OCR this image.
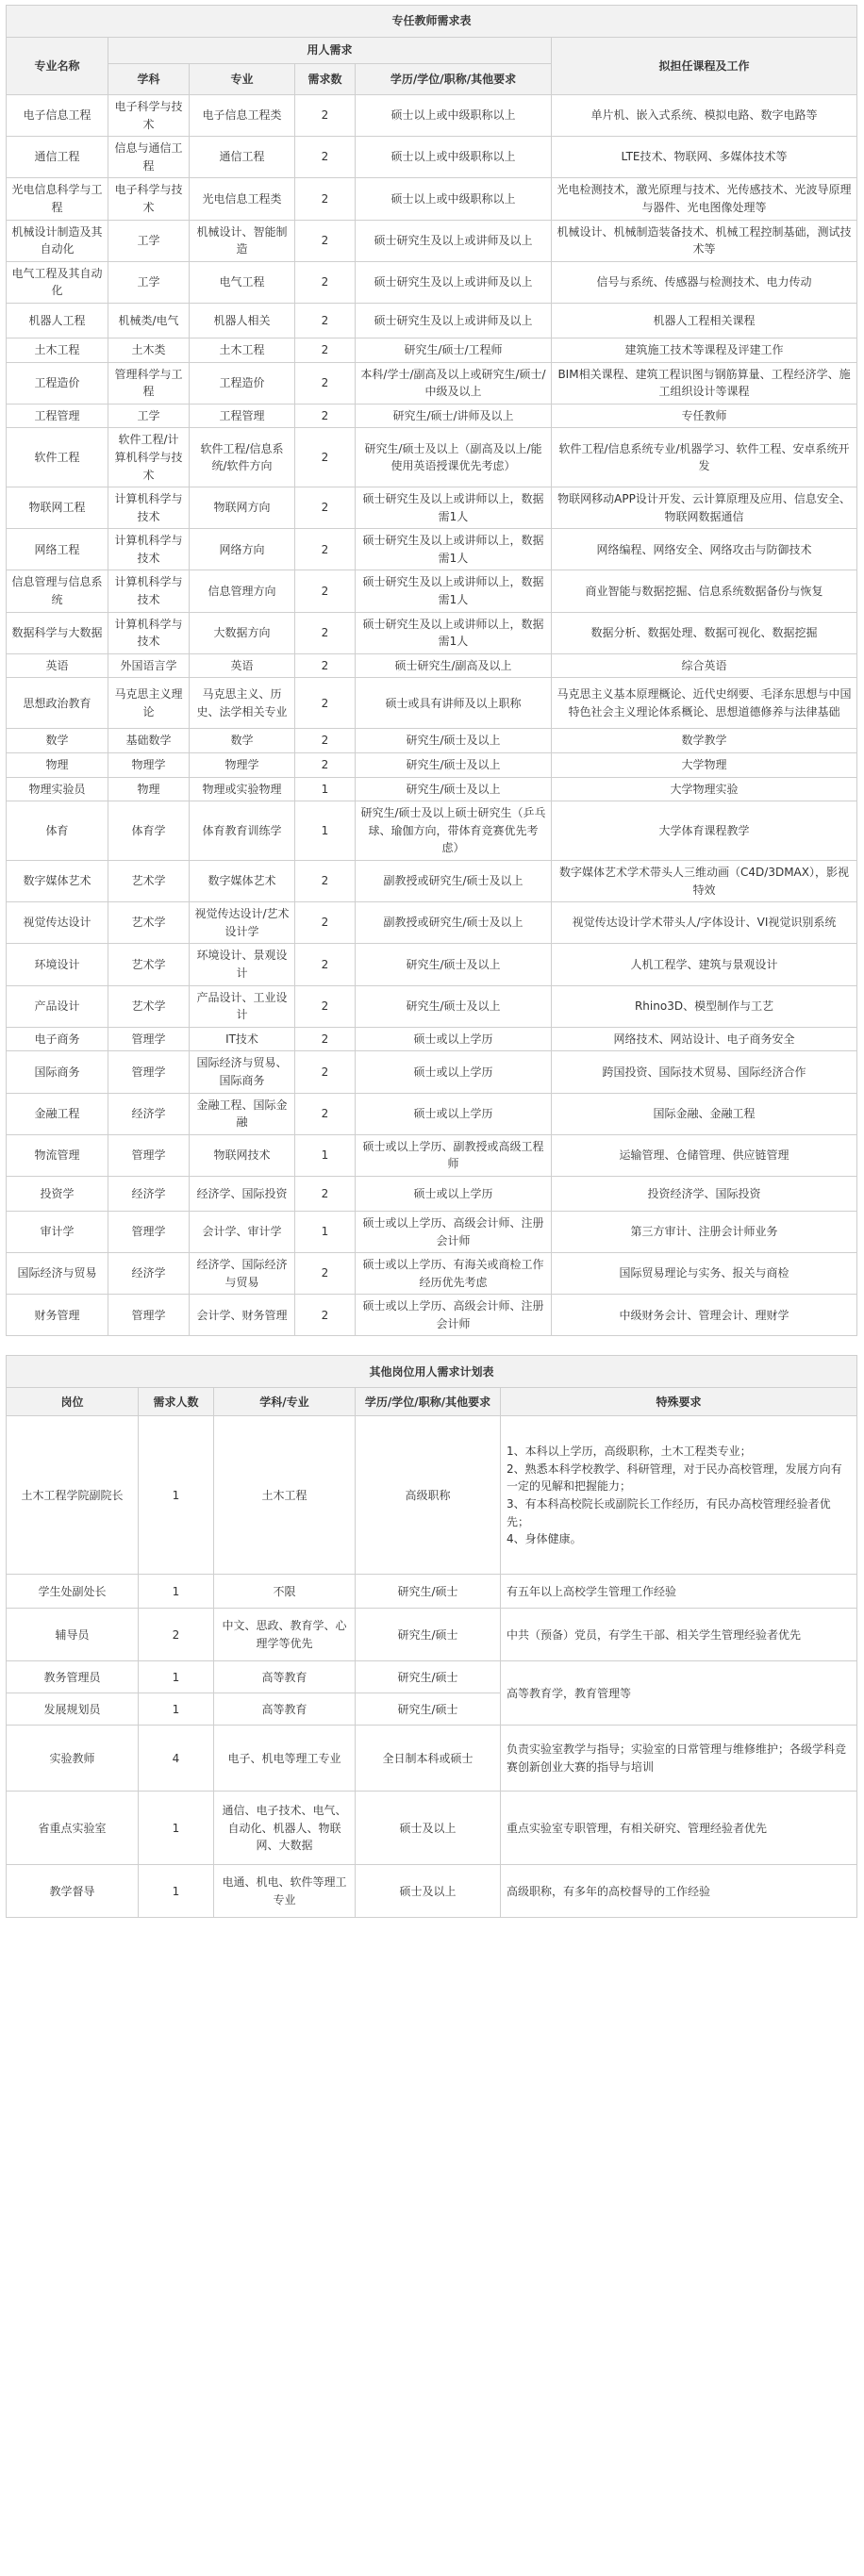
专任教师需求表					
专业名称	用人需求				拟担任课程及工作
	学科	专业	需求数	学历/学位/职称/其他要求	
电子信息工程	电子科学与技术	电子信息工程类	2	硕士以上或中级职称以上	单片机、嵌入式系统、模拟电路、数字电路等
通信工程	信息与通信工程	通信工程	2	硕士以上或中级职称以上	LTE技术、物联网、多媒体技术等
光电信息科学与工程	电子科学与技术	光电信息工程类	2	硕士以上或中级职称以上	光电检测技术，激光原理与技术、光传感技术、光波导原理与器件、光电图像处理等
机械设计制造及其自动化	工学	机械设计、智能制造	2	硕士研究生及以上或讲师及以上	机械设计、机械制造装备技术、机械工程控制基础，测试技术等
电气工程及其自动化	工学	电气工程	2	硕士研究生及以上或讲师及以上	信号与系统、传感器与检测技术、电力传动
机器人工程	机械类/电气	机器人相关	2	硕士研究生及以上或讲师及以上	机器人工程相关课程
土木工程	土木类	土木工程	2	研究生/硕士/工程师	建筑施工技术等课程及评建工作
工程造价	管理科学与工程	工程造价	2	本科/学士/副高及以上或研究生/硕士/中级及以上	BIM相关课程、建筑工程识图与钢筋算量、工程经济学、施工组织设计等课程
工程管理	工学	工程管理	2	研究生/硕士/讲师及以上	专任教师
软件工程	软件工程/计算机科学与技术	软件工程/信息系统/软件方向	2	研究生/硕士及以上（副高及以上/能使用英语授课优先考虑）	软件工程/信息系统专业/机器学习、软件工程、安卓系统开发
物联网工程	计算机科学与技术	物联网方向	2	硕士研究生及以上或讲师以上，数据需1人	物联网移动APP设计开发、云计算原理及应用、信息安全、物联网数据通信
网络工程	计算机科学与技术	网络方向	2	硕士研究生及以上或讲师以上，数据需1人	网络编程、网络安全、网络攻击与防御技术
信息管理与信息系统	计算机科学与技术	信息管理方向	2	硕士研究生及以上或讲师以上，数据需1人	商业智能与数据挖掘、信息系统数据备份与恢复
数据科学与大数据	计算机科学与技术	大数据方向	2	硕士研究生及以上或讲师以上，数据需1人	数据分析、数据处理、数据可视化、数据挖掘
英语	外国语言学	英语	2	硕士研究生/副高及以上	综合英语
思想政治教育	马克思主义理论	马克思主义、历史、法学相关专业	2	硕士或具有讲师及以上职称	马克思主义基本原理概论、近代史纲要、毛泽东思想与中国特色社会主义理论体系概论、思想道德修养与法律基础
数学	基础数学	数学	2	研究生/硕士及以上	数学教学
物理	物理学	物理学	2	研究生/硕士及以上	大学物理
物理实验员	物理	物理或实验物理	1	研究生/硕士及以上	大学物理实验
体育	体育学	体育教育训练学	1	研究生/硕士及以上硕士研究生（乒乓球、瑜伽方向，带体育竞赛优先考虑）	大学体育课程教学
数字媒体艺术	艺术学	数字媒体艺术	2	副教授或研究生/硕士及以上	数字媒体艺术学术带头人三维动画（C4D/3DMAX），影视特效
视觉传达设计	艺术学	视觉传达设计/艺术设计学	2	副教授或研究生/硕士及以上	视觉传达设计学术带头人/字体设计、VI视觉识别系统
环境设计	艺术学	环境设计、景观设计	2	研究生/硕士及以上	人机工程学、建筑与景观设计
产品设计	艺术学	产品设计、工业设计	2	研究生/硕士及以上	Rhino3D、模型制作与工艺
电子商务	管理学	IT技术	2	硕士或以上学历	网络技术、网站设计、电子商务安全
国际商务	管理学	国际经济与贸易、国际商务	2	硕士或以上学历	跨国投资、国际技术贸易、国际经济合作
金融工程	经济学	金融工程、国际金融	2	硕士或以上学历	国际金融、金融工程
物流管理	管理学	物联网技术	1	硕士或以上学历、副教授或高级工程师	运输管理、仓储管理、供应链管理
投资学	经济学	经济学、国际投资	2	硕士或以上学历	投资经济学、国际投资
审计学	管理学	会计学、审计学	1	硕士或以上学历、高级会计师、注册会计师	第三方审计、注册会计师业务
国际经济与贸易	经济学	经济学、国际经济与贸易	2	硕士或以上学历、有海关或商检工作经历优先考虑	国际贸易理论与实务、报关与商检
财务管理	管理学	会计学、财务管理	2	硕士或以上学历、高级会计师、注册会计师	中级财务会计、管理会计、理财学
其他岗位用人需求计划表				
岗位	需求人数	学科/专业	学历/学位/职称/其他要求	特殊要求
土木工程学院副院长	1	土木工程	高级职称	1、本科以上学历，高级职称，土木工程类专业；
2、熟悉本科学校教学、科研管理，对于民办高校管理，发展方向有一定的见解和把握能力；
3、有本科高校院长或副院长工作经历，有民办高校管理经验者优先；
4、身体健康。
学生处副处长	1	不限	研究生/硕士	有五年以上高校学生管理工作经验
辅导员	2	中文、思政、教育学、心理学等优先	研究生/硕士	中共（预备）党员，有学生干部、相关学生管理经验者优先
教务管理员	1	高等教育	研究生/硕士	高等教育学，教育管理等
发展规划员	1	高等教育	研究生/硕士	
实验教师	4	电子、机电等理工专业	全日制本科或硕士	负责实验室教学与指导；实验室的日常管理与维修维护；各级学科竞赛创新创业大赛的指导与培训
省重点实验室	1	通信、电子技术、电气、自动化、机器人、物联网、大数据	硕士及以上	重点实验室专职管理，有相关研究、管理经验者优先
教学督导	1	电通、机电、软件等理工专业	硕士及以上	高级职称，有多年的高校督导的工作经验
